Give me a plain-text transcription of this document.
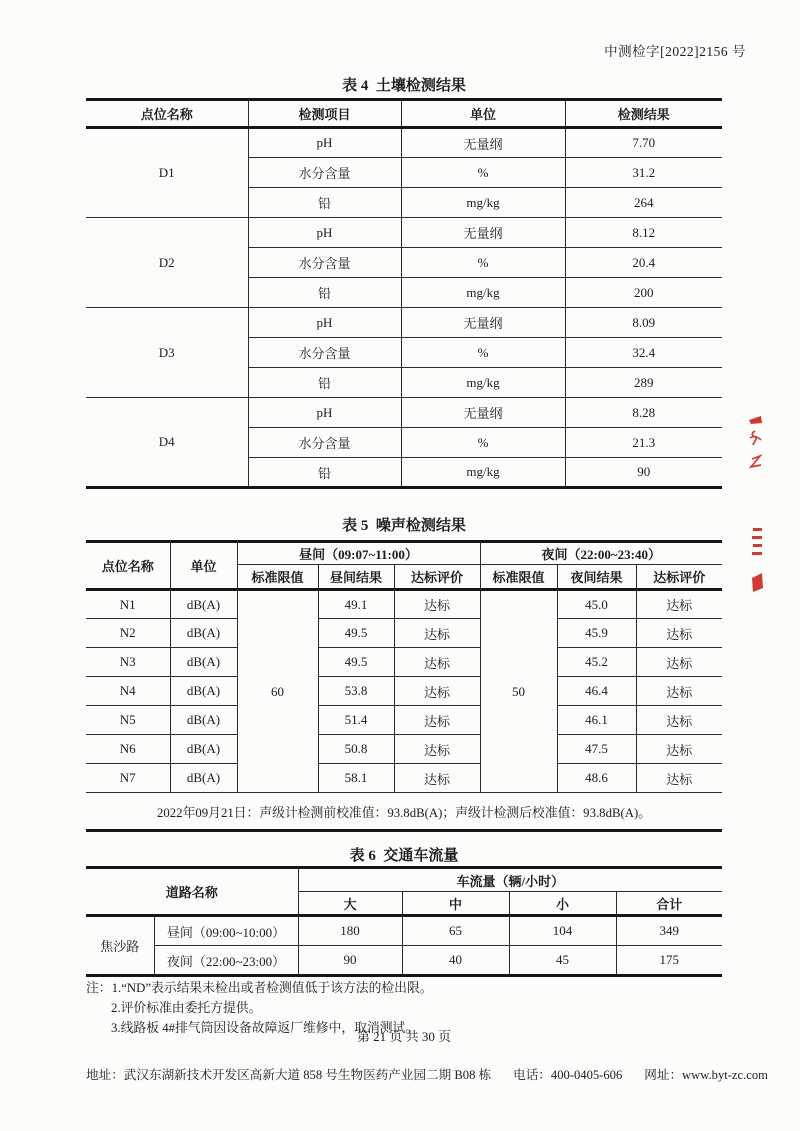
中测检字[2022]2156 号
表 4  土壤检测结果
点位名称	检测项目	单位	检测结果
D1	pH	无量纲	7.70
	水分含量	%	31.2
	铅	mg/kg	264
D2	pH	无量纲	8.12
	水分含量	%	20.4
	铅	mg/kg	200
D3	pH	无量纲	8.09
	水分含量	%	32.4
	铅	mg/kg	289
D4	pH	无量纲	8.28
	水分含量	%	21.3
	铅	mg/kg	90
表 5  噪声检测结果
点位名称	单位	昼间（09:07~11:00）			夜间（22:00~23:40）		
		标准限值	昼间结果	达标评价	标准限值	夜间结果	达标评价
N1	dB(A)	60	49.1	达标	50	45.0	达标
N2	dB(A)		49.5	达标		45.9	达标
N3	dB(A)		49.5	达标		45.2	达标
N4	dB(A)		53.8	达标		46.4	达标
N5	dB(A)		51.4	达标		46.1	达标
N6	dB(A)		50.8	达标		47.5	达标
N7	dB(A)		58.1	达标		48.6	达标
2022年09月21日：声级计检测前校准值：93.8dB(A)；声级计检测后校准值：93.8dB(A)。							
表 6  交通车流量
道路名称		车流量（辆/小时）			
		大	中	小	合计
焦沙路	昼间（09:00~10:00）	180	65	104	349
	夜间（22:00~23:00）	90	40	45	175
注：1.“ND”表示结果未检出或者检测值低于该方法的检出限。
2.评价标准由委托方提供。
3.线路板 4#排气筒因设备故障返厂维修中，取消测试。
第 21 页 共 30 页
地址：武汉东湖新技术开发区高新大道 858 号生物医药产业园二期 B08 栋 电话：400-0405-606 网址：www.byt-zc.com
